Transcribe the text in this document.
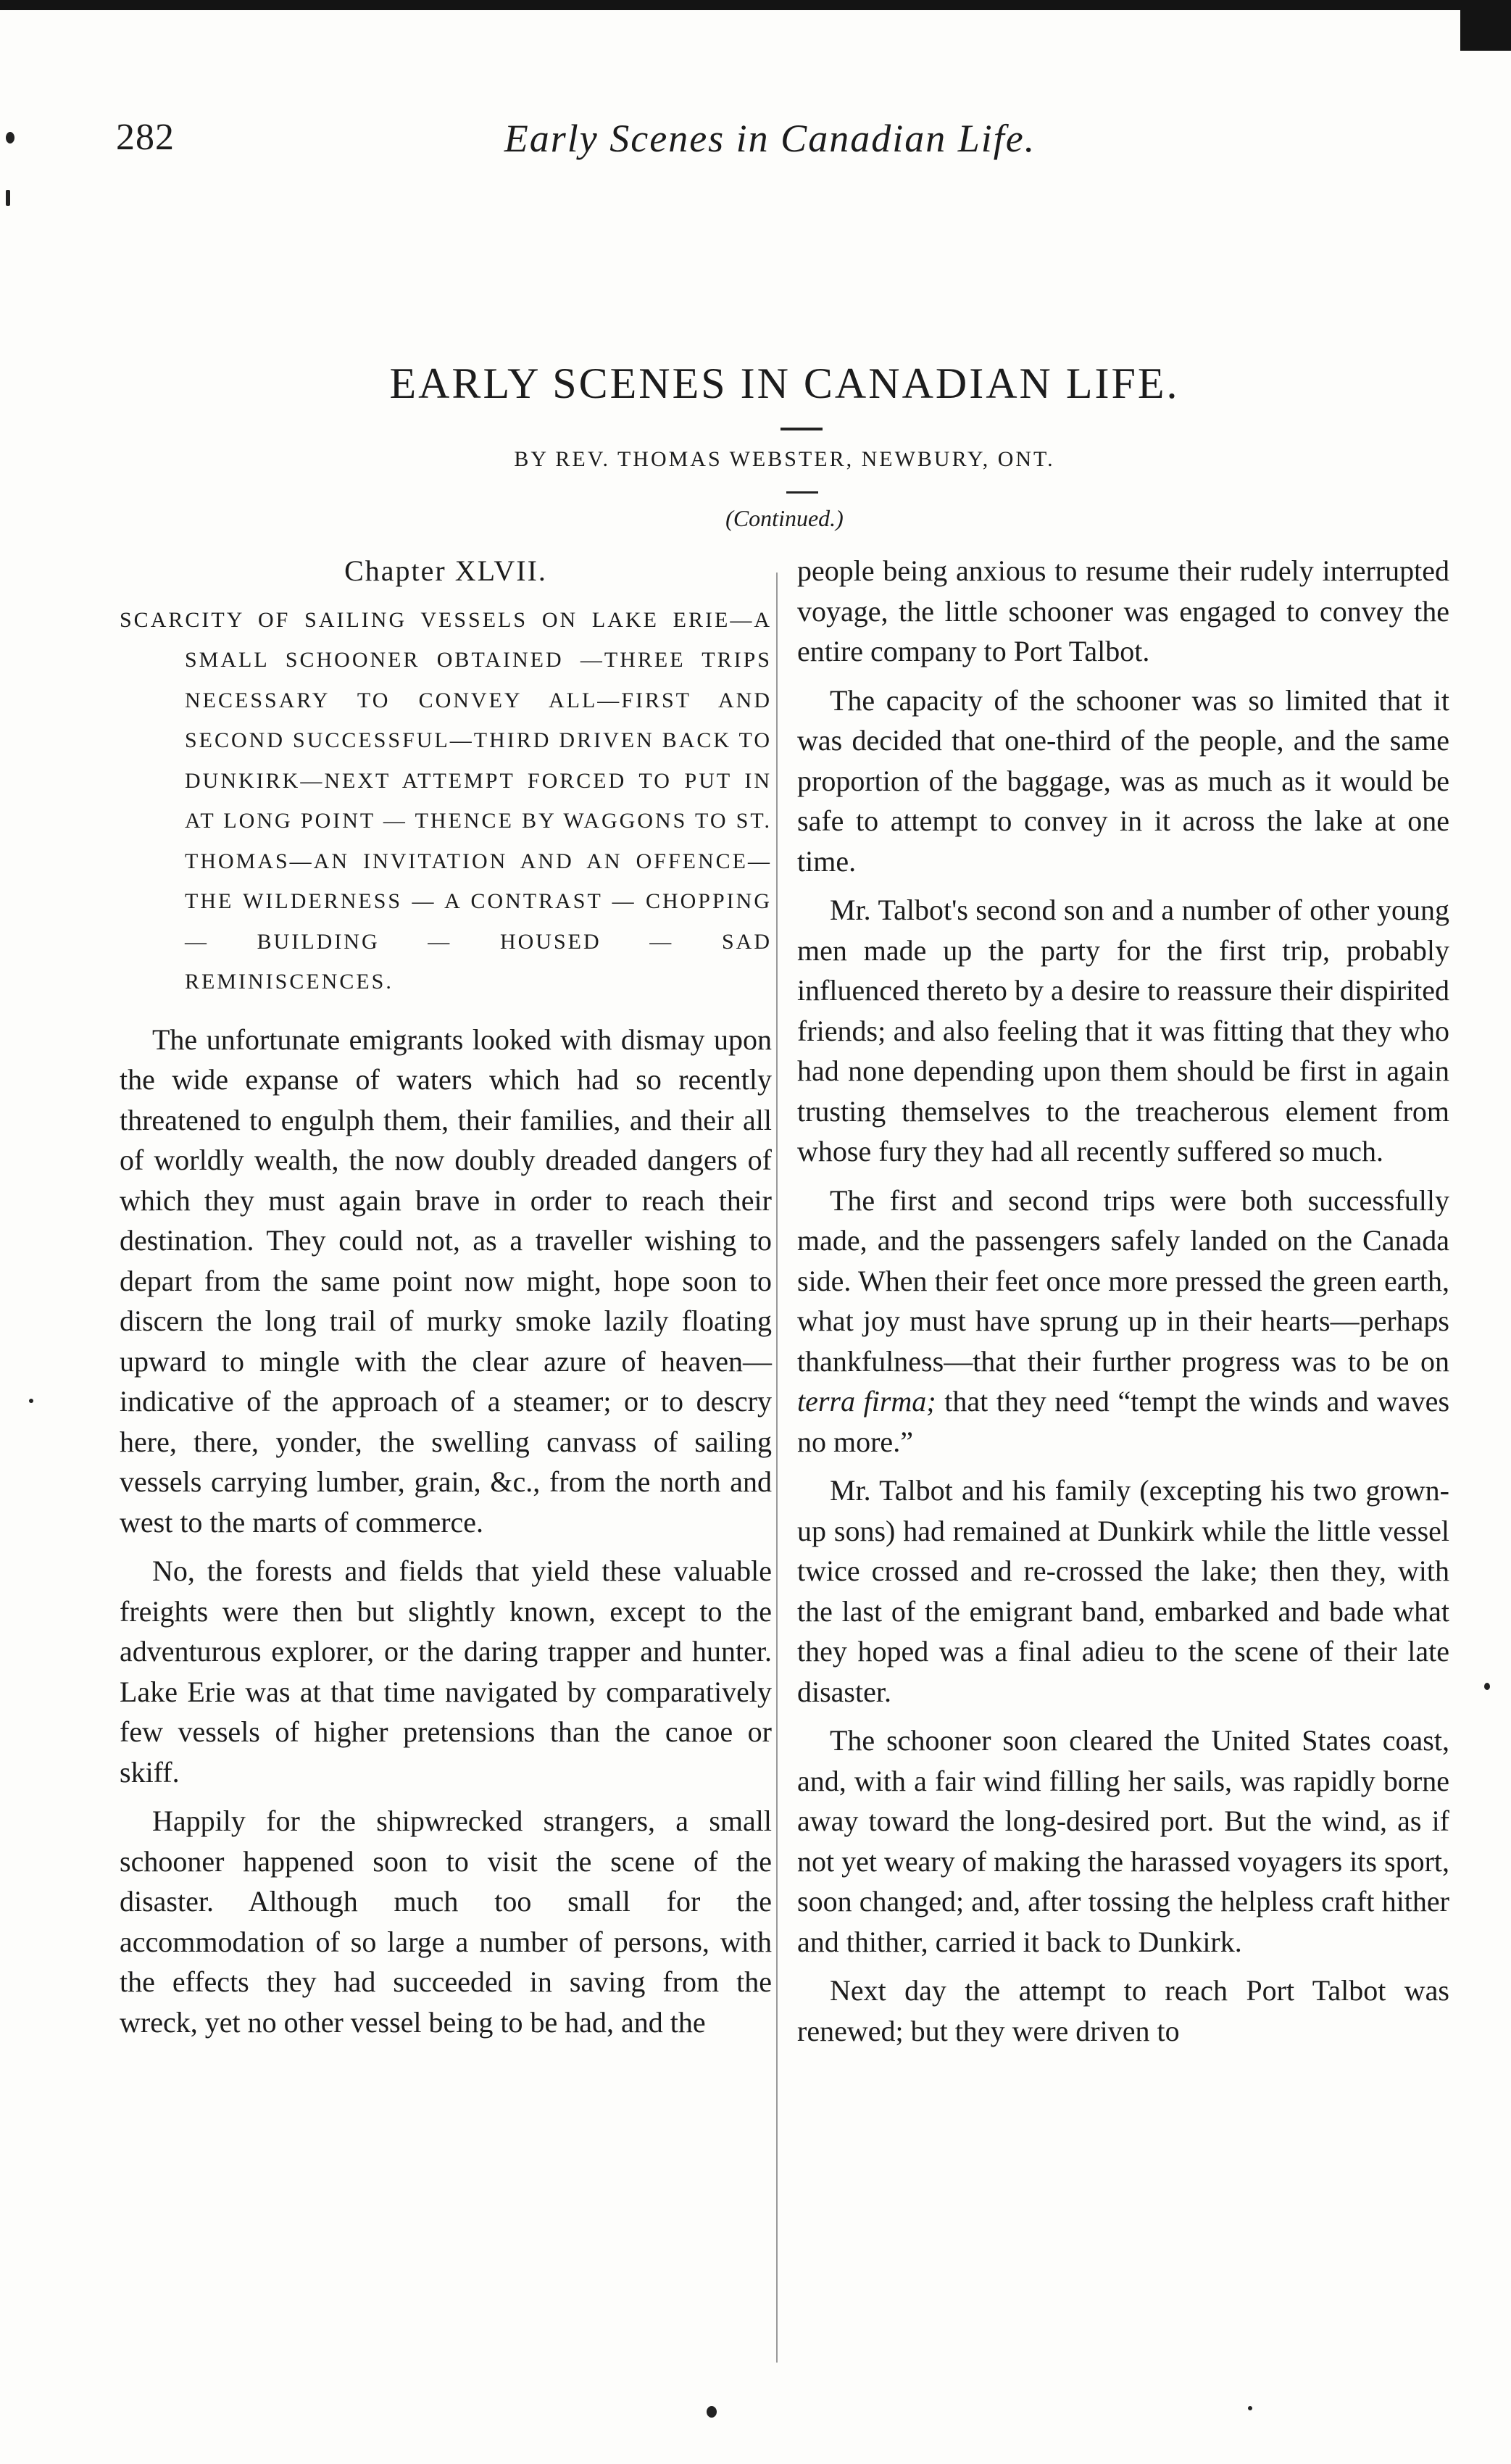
282	Early Scenes in Canadian Life.
EARLY SCENES IN CANADIAN LIFE.
BY REV. THOMAS WEBSTER, NEWBURY, ONT.
(Continued.)
Chapter XLVII.
SCARCITY OF SAILING VESSELS ON LAKE ERIE—A SMALL SCHOONER OBTAINED —THREE TRIPS NECESSARY TO CONVEY ALL—FIRST AND SECOND SUCCESSFUL—THIRD DRIVEN BACK TO DUNKIRK—NEXT ATTEMPT FORCED TO PUT IN AT LONG POINT — THENCE BY WAGGONS TO ST. THOMAS—AN INVITATION AND AN OFFENCE—THE WILDERNESS — A CONTRAST — CHOPPING— BUILDING — HOUSED — SAD REMINISCENCES.

The unfortunate emigrants looked with dismay upon the wide expanse of waters which had so recently threatened to engulph them, their families, and their all of worldly wealth, the now doubly dreaded dangers of which they must again brave in order to reach their destination. They could not, as a traveller wishing to depart from the same point now might, hope soon to discern the long trail of murky smoke lazily floating upward to mingle with the clear azure of heaven—indicative of the approach of a steamer; or to descry here, there, yonder, the swelling canvass of sailing vessels carrying lumber, grain, &c., from the north and west to the marts of commerce.

No, the forests and fields that yield these valuable freights were then but slightly known, except to the adventurous explorer, or the daring trapper and hunter. Lake Erie was at that time navigated by comparatively few vessels of higher pretensions than the canoe or skiff.

Happily for the shipwrecked strangers, a small schooner happened soon to visit the scene of the disaster. Although much too small for the accommodation of so large a number of persons, with the effects they had succeeded in saving from the wreck, yet no other vessel being to be had, and the

people being anxious to resume their rudely interrupted voyage, the little schooner was engaged to convey the entire company to Port Talbot.

The capacity of the schooner was so limited that it was decided that one-third of the people, and the same proportion of the baggage, was as much as it would be safe to attempt to convey in it across the lake at one time.

Mr. Talbot's second son and a number of other young men made up the party for the first trip, probably influenced thereto by a desire to reassure their dispirited friends; and also feeling that it was fitting that they who had none depending upon them should be first in again trusting themselves to the treacherous element from whose fury they had all recently suffered so much.

The first and second trips were both successfully made, and the passengers safely landed on the Canada side. When their feet once more pressed the green earth, what joy must have sprung up in their hearts—perhaps thankfulness—that their further progress was to be on terra firma; that they need “tempt the winds and waves no more.”

Mr. Talbot and his family (excepting his two grown-up sons) had remained at Dunkirk while the little vessel twice crossed and re-crossed the lake; then they, with the last of the emigrant band, embarked and bade what they hoped was a final adieu to the scene of their late disaster.

The schooner soon cleared the United States coast, and, with a fair wind filling her sails, was rapidly borne away toward the long-desired port. But the wind, as if not yet weary of making the harassed voyagers its sport, soon changed; and, after tossing the helpless craft hither and thither, carried it back to Dunkirk.

Next day the attempt to reach Port Talbot was renewed; but they were driven to
